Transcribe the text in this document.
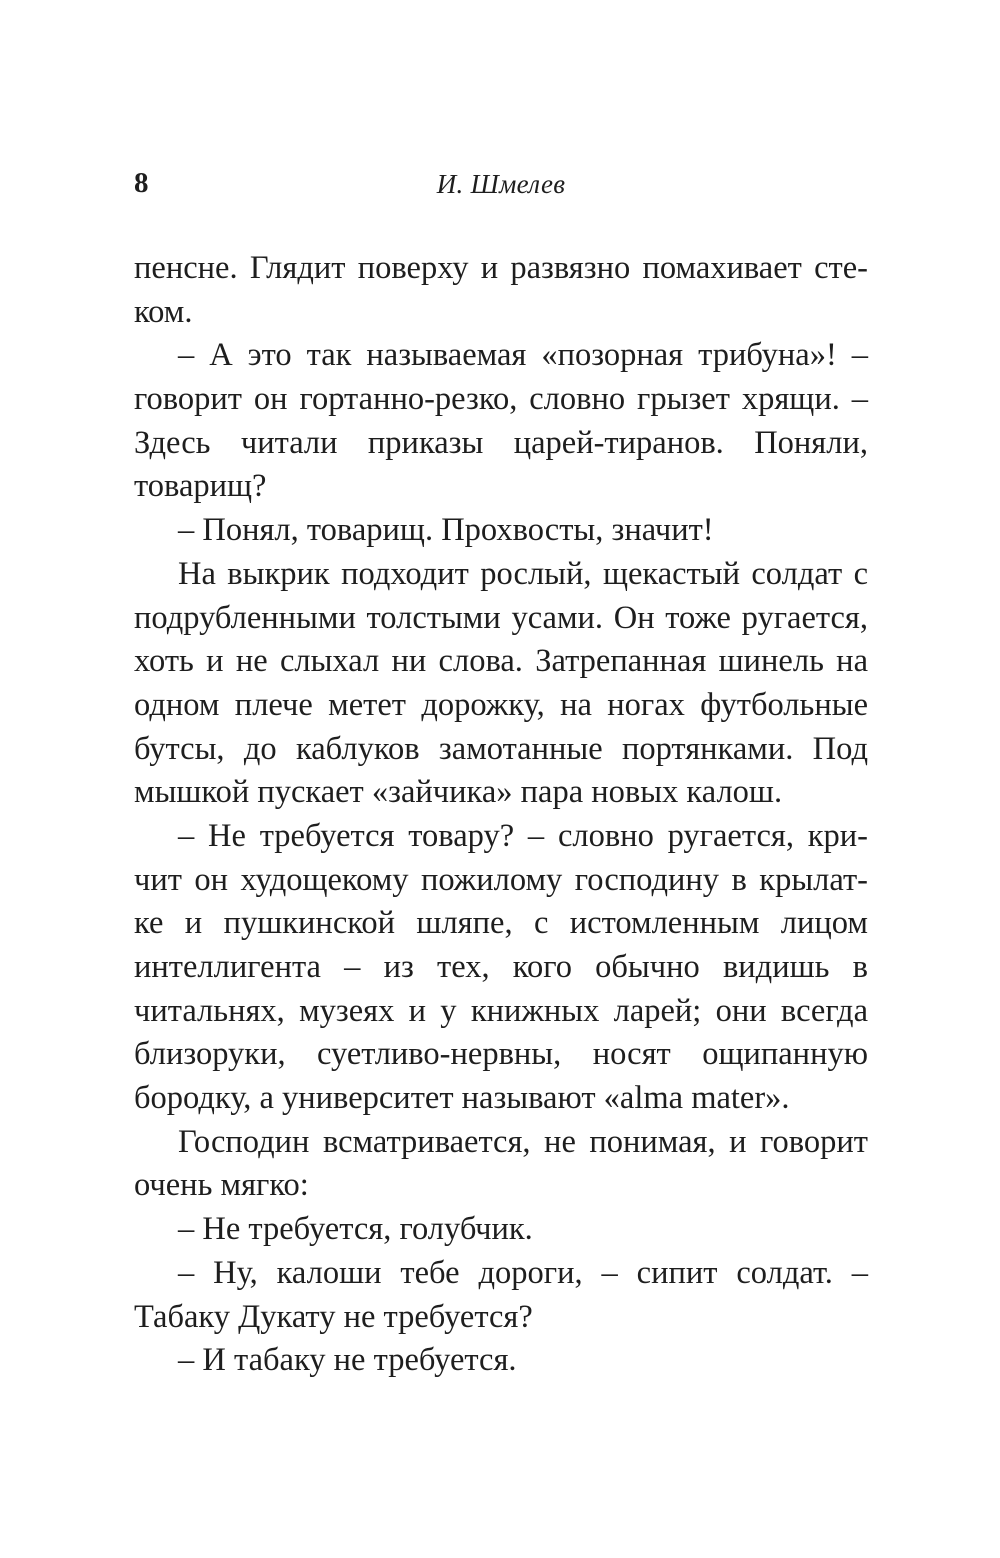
8	И. Шмелев
пенсне. Глядит поверху и развязно помахивает сте-
ком.
– А это так называемая «позорная трибуна»! –
говорит он гортанно-резко, словно грызет хрящи. –
Здесь читали приказы царей-тиранов. Поняли,
товарищ?
– Понял, товарищ. Прохвосты, значит!
На выкрик подходит рослый, щекастый солдат с
подрубленными толстыми усами. Он тоже ругается,
хоть и не слыхал ни слова. Затрепанная шинель на
одном плече метет дорожку, на ногах футбольные
бутсы, до каблуков замотанные портянками. Под
мышкой пускает «зайчика» пара новых калош.
– Не требуется товару? – словно ругается, кри-
чит он худощекому пожилому господину в крылат-
ке и пушкинской шляпе, с истомленным лицом
интеллигента – из тех, кого обычно видишь в
читальнях, музеях и у книжных ларей; они всегда
близоруки, суетливо-нервны, носят ощипанную
бородку, а университет называют «alma mater».
Господин всматривается, не понимая, и говорит
очень мягко:
– Не требуется, голубчик.
– Ну, калоши тебе дороги, – сипит солдат. –
Табаку Дукату не требуется?
– И табаку не требуется.
